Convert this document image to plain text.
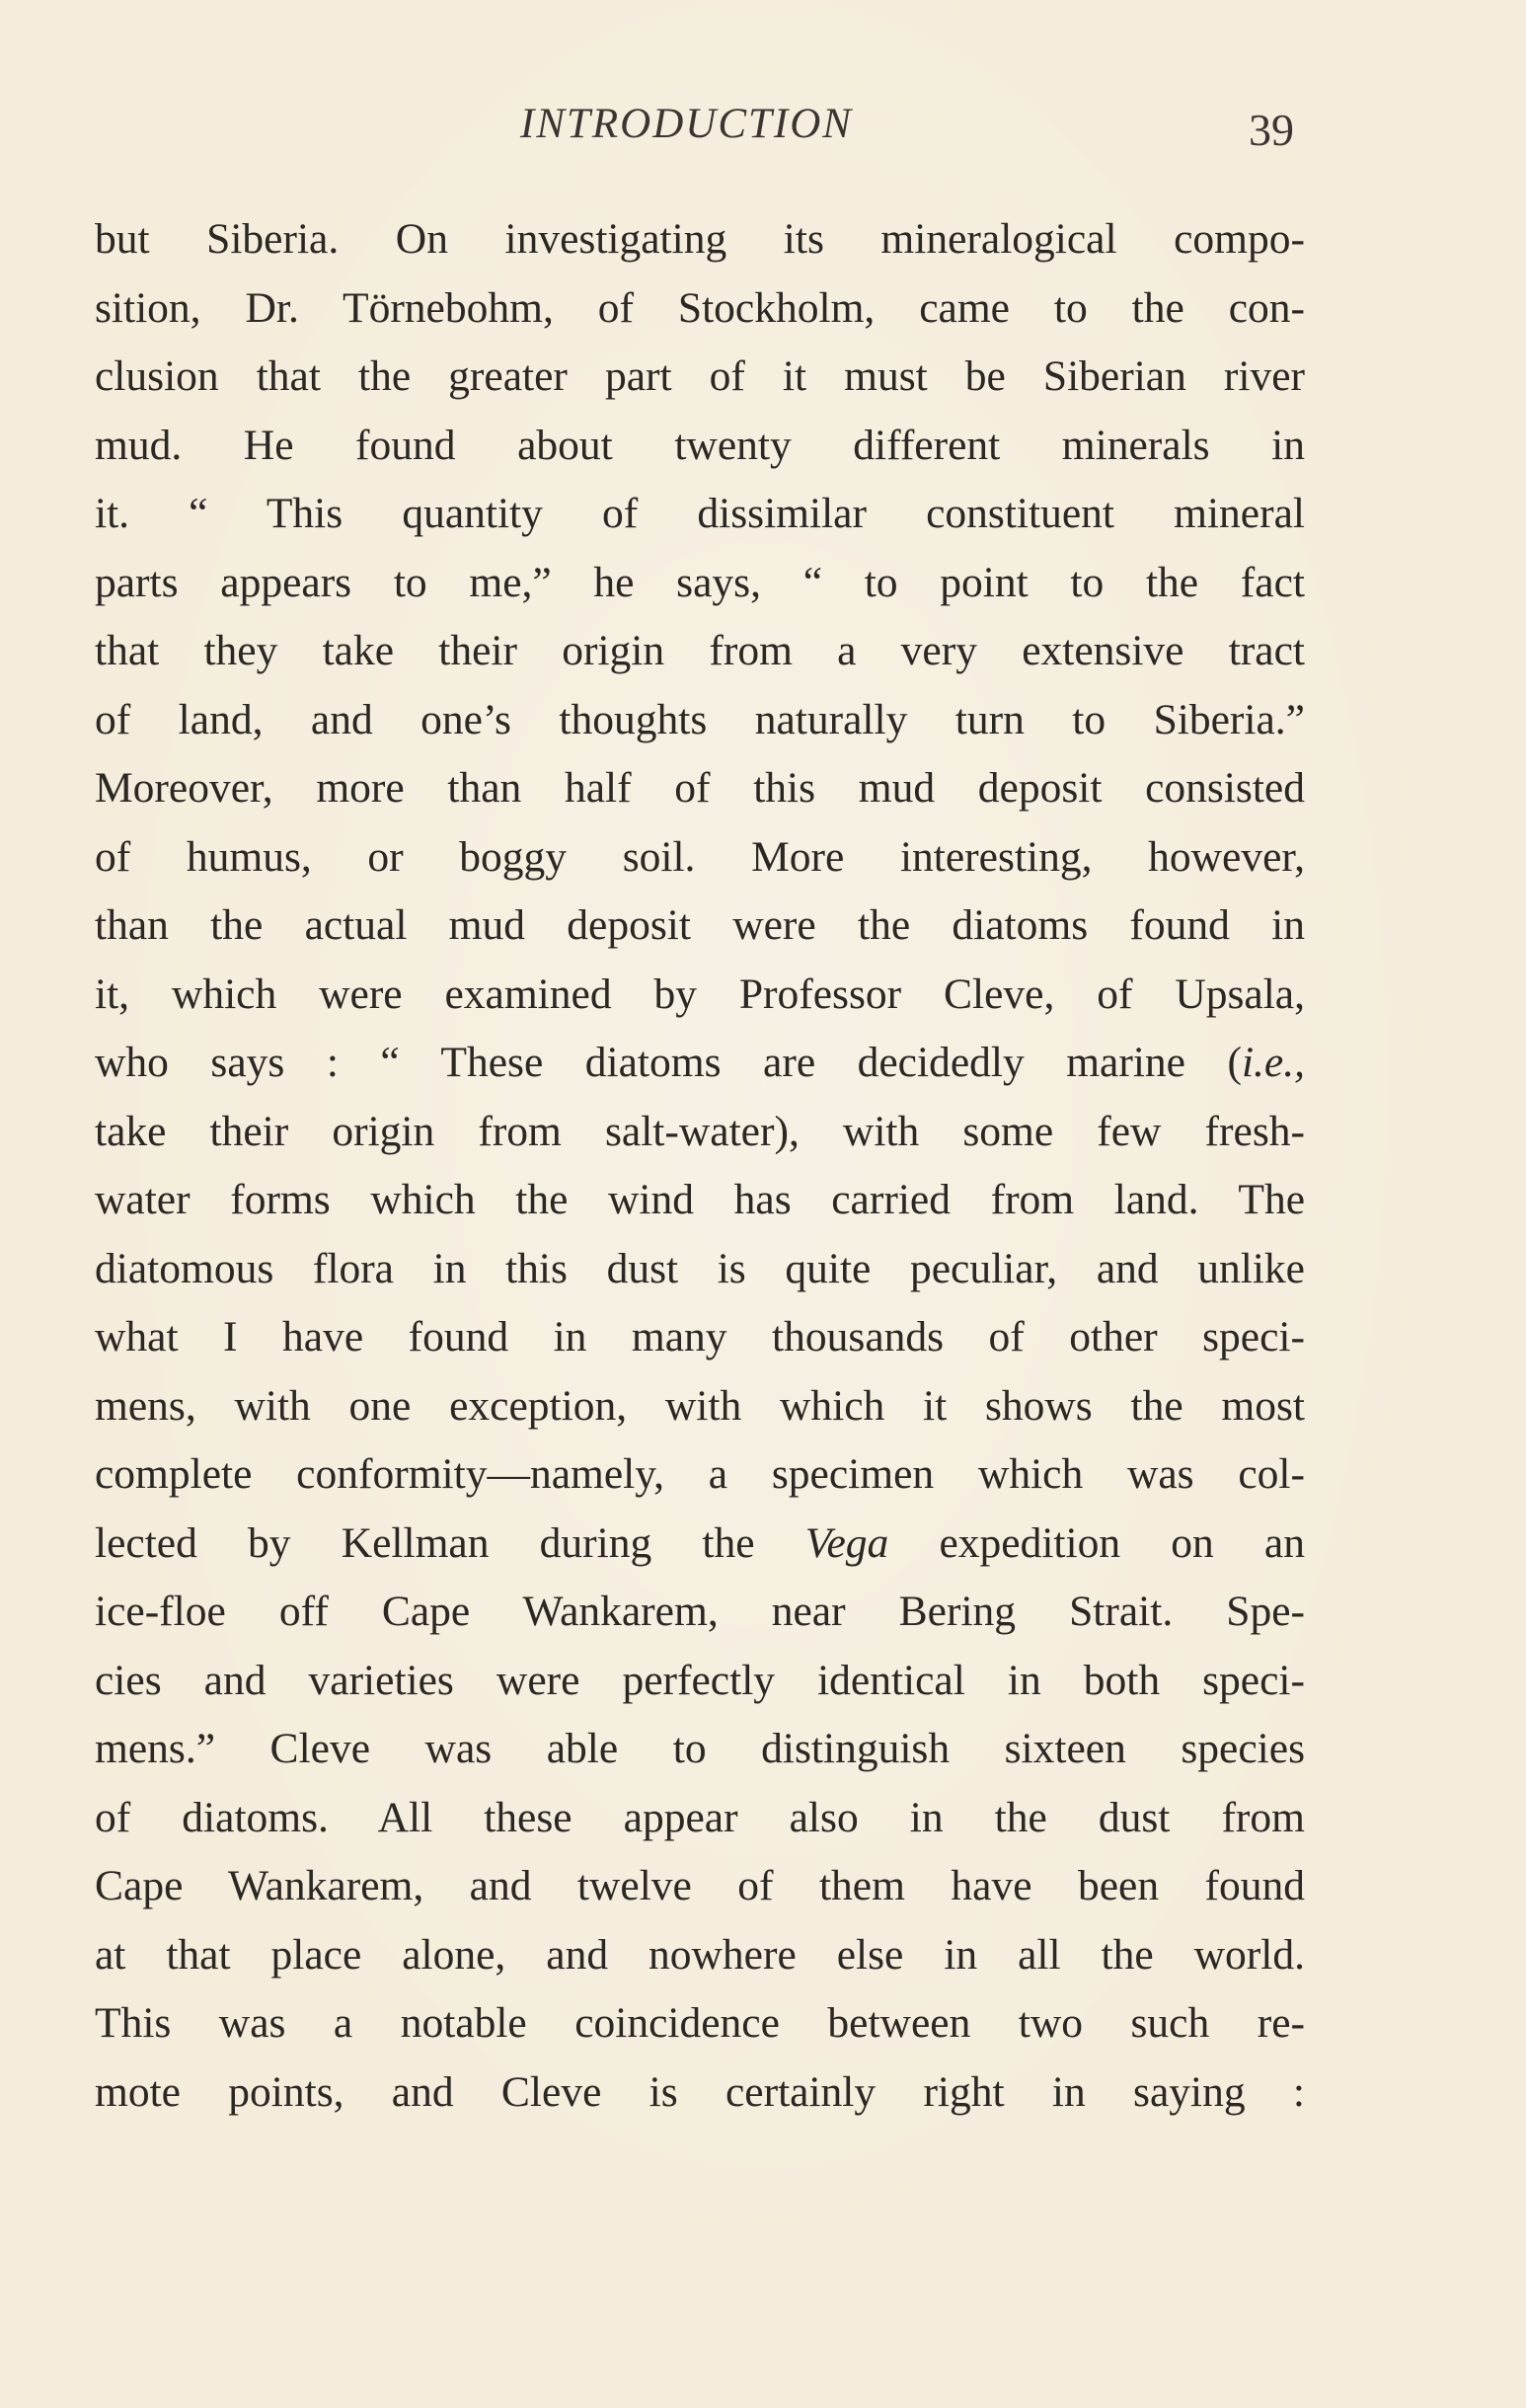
INTRODUCTION	39
but Siberia. On investigating its mineralogical compo-
sition, Dr. Törnebohm, of Stockholm, came to the con-
clusion that the greater part of it must be Siberian river
mud. He found about twenty different minerals in
it. “ This quantity of dissimilar constituent mineral
parts appears to me,” he says, “ to point to the fact
that they take their origin from a very extensive tract
of land, and one’s thoughts naturally turn to Siberia.”
Moreover, more than half of this mud deposit consisted
of humus, or boggy soil. More interesting, however,
than the actual mud deposit were the diatoms found in
it, which were examined by Professor Cleve, of Upsala,
who says : “ These diatoms are decidedly marine (i.e.,
take their origin from salt-water), with some few fresh-
water forms which the wind has carried from land. The
diatomous flora in this dust is quite peculiar, and unlike
what I have found in many thousands of other speci-
mens, with one exception, with which it shows the most
complete conformity—namely, a specimen which was col-
lected by Kellman during the Vega expedition on an
ice-floe off Cape Wankarem, near Bering Strait. Spe-
cies and varieties were perfectly identical in both speci-
mens.” Cleve was able to distinguish sixteen species
of diatoms. All these appear also in the dust from
Cape Wankarem, and twelve of them have been found
at that place alone, and nowhere else in all the world.
This was a notable coincidence between two such re-
mote points, and Cleve is certainly right in saying :
